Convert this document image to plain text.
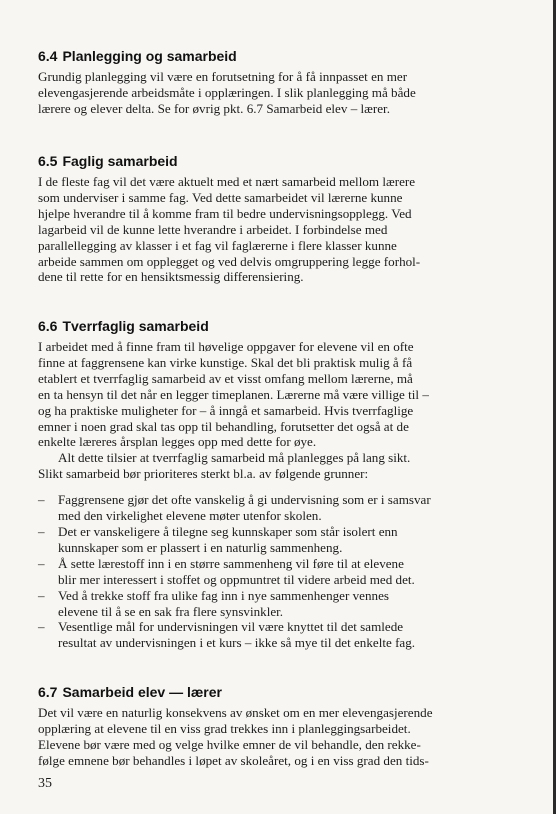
6.4 Planlegging og samarbeid

Grundig planlegging vil være en forutsetning for å få innpasset en mer
elevengasjerende arbeidsmåte i opplæringen. I slik planlegging må både
lærere og elever delta. Se for øvrig pkt. 6.7 Samarbeid elev – lærer.

6.5 Faglig samarbeid

I de fleste fag vil det være aktuelt med et nært samarbeid mellom lærere
som underviser i samme fag. Ved dette samarbeidet vil lærerne kunne
hjelpe hverandre til å komme fram til bedre undervisningsopplegg. Ved
lagarbeid vil de kunne lette hverandre i arbeidet. I forbindelse med
parallellegging av klasser i et fag vil faglærerne i flere klasser kunne
arbeide sammen om opplegget og ved delvis omgruppering legge forhol-
dene til rette for en hensiktsmessig differensiering.

6.6 Tverrfaglig samarbeid

I arbeidet med å finne fram til høvelige oppgaver for elevene vil en ofte
finne at faggrensene kan virke kunstige. Skal det bli praktisk mulig å få
etablert et tverrfaglig samarbeid av et visst omfang mellom lærerne, må
en ta hensyn til det når en legger timeplanen. Lærerne må være villige til –
og ha praktiske muligheter for – å inngå et samarbeid. Hvis tverrfaglige
emner i noen grad skal tas opp til behandling, forutsetter det også at de
enkelte læreres årsplan legges opp med dette for øye.

Alt dette tilsier at tverrfaglig samarbeid må planlegges på lang sikt.
Slikt samarbeid bør prioriteres sterkt bl.a. av følgende grunner:

–	Faggrensene gjør det ofte vanskelig å gi undervisning som er i samsvar
med den virkelighet elevene møter utenfor skolen.
–	Det er vanskeligere å tilegne seg kunnskaper som står isolert enn
kunnskaper som er plassert i en naturlig sammenheng.
–	Å sette lærestoff inn i en større sammenheng vil føre til at elevene
blir mer interessert i stoffet og oppmuntret til videre arbeid med det.
–	Ved å trekke stoff fra ulike fag inn i nye sammenhenger vennes
elevene til å se en sak fra flere synsvinkler.
–	Vesentlige mål for undervisningen vil være knyttet til det samlede
resultat av undervisningen i et kurs – ikke så mye til det enkelte fag.
6.7 Samarbeid elev — lærer

Det vil være en naturlig konsekvens av ønsket om en mer elevengasjerende
opplæring at elevene til en viss grad trekkes inn i planleggingsarbeidet.
Elevene bør være med og velge hvilke emner de vil behandle, den rekke-
følge emnene bør behandles i løpet av skoleåret, og i en viss grad den tids-

35
